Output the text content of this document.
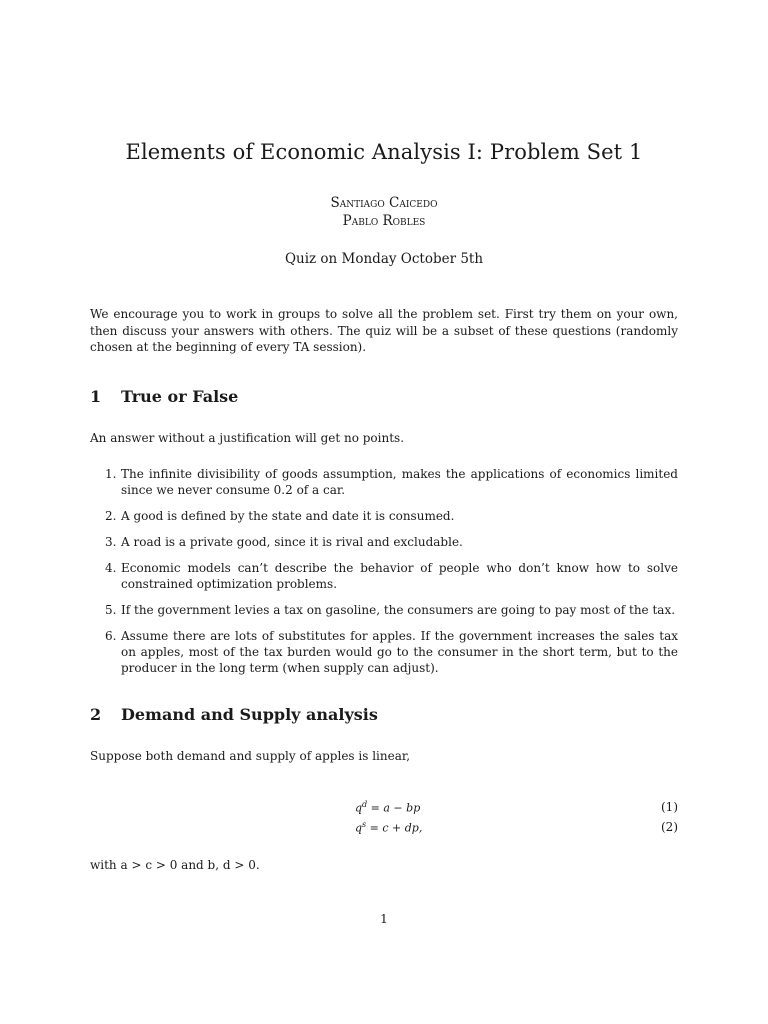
Elements of Economic Analysis I: Problem Set 1
Santiago Caicedo
Pablo Robles
Quiz on Monday October 5th
We encourage you to work in groups to solve all the problem set. First try them on your own, then discuss your answers with others. The quiz will be a subset of these questions (randomly chosen at the beginning of every TA session).
1 True or False
An answer without a justification will get no points.
1. The infinite divisibility of goods assumption, makes the applications of economics limited since we never consume 0.2 of a car.
2. A good is defined by the state and date it is consumed.
3. A road is a private good, since it is rival and excludable.
4. Economic models can’t describe the behavior of people who don’t know how to solve constrained optimization problems.
5. If the government levies a tax on gasoline, the consumers are going to pay most of the tax.
6. Assume there are lots of substitutes for apples. If the government increases the sales tax on apples, most of the tax burden would go to the consumer in the short term, but to the producer in the long term (when supply can adjust).
2 Demand and Supply analysis
Suppose both demand and supply of apples is linear,
$q^d = a$ − bp	(1)
$q^s = c$ + dp,	(2)
with a > c > 0 and b, d > 0.
1
